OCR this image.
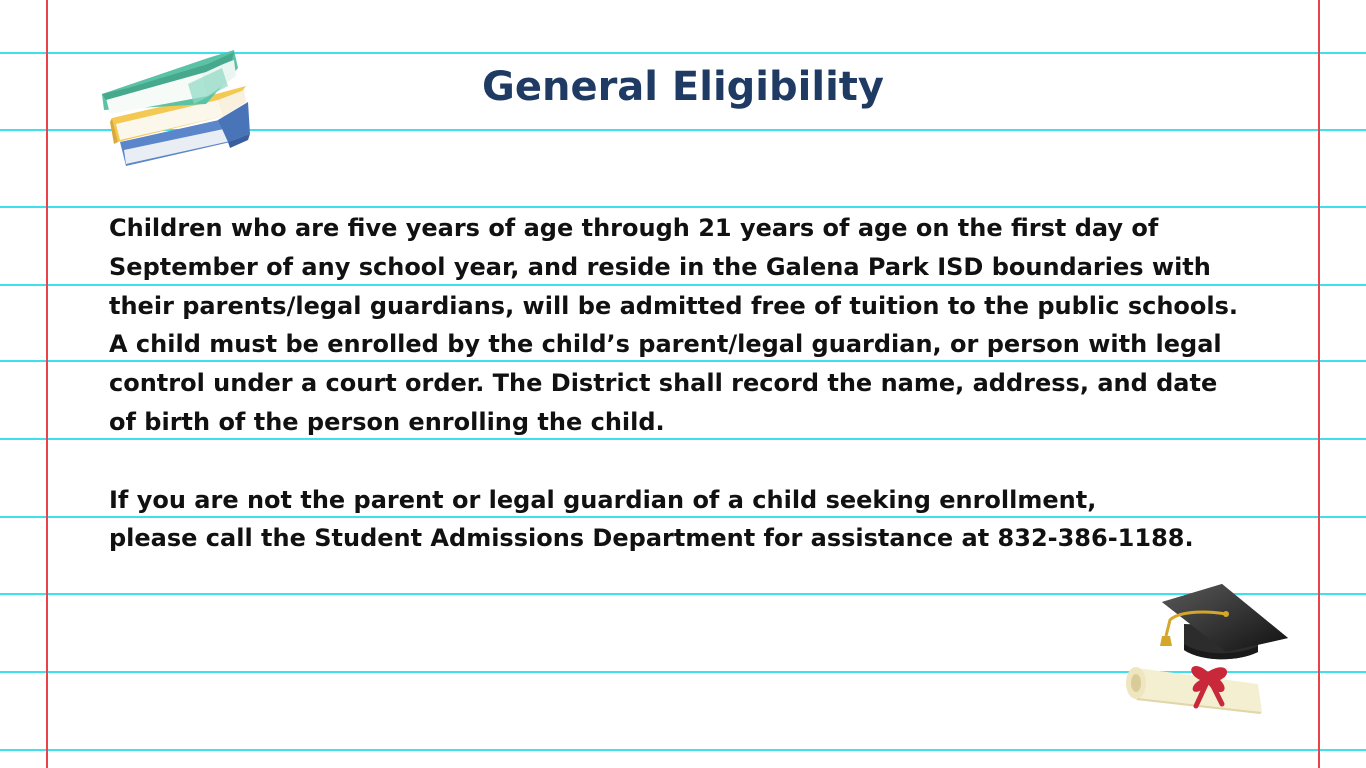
General Eligibility

Children who are five years of age through 21 years of age on the first day of

September of any school year, and reside in the Galena Park ISD boundaries with

their parents/legal guardians, will be admitted free of tuition to the public schools.

A child must be enrolled by the child’s parent/legal guardian, or person with legal

control under a court order. The District shall record the name, address, and date

of birth of the person enrolling the child.

If you are not the parent or legal guardian of a child seeking enrollment,

please call the Student Admissions Department for assistance at 832-386-1188.
